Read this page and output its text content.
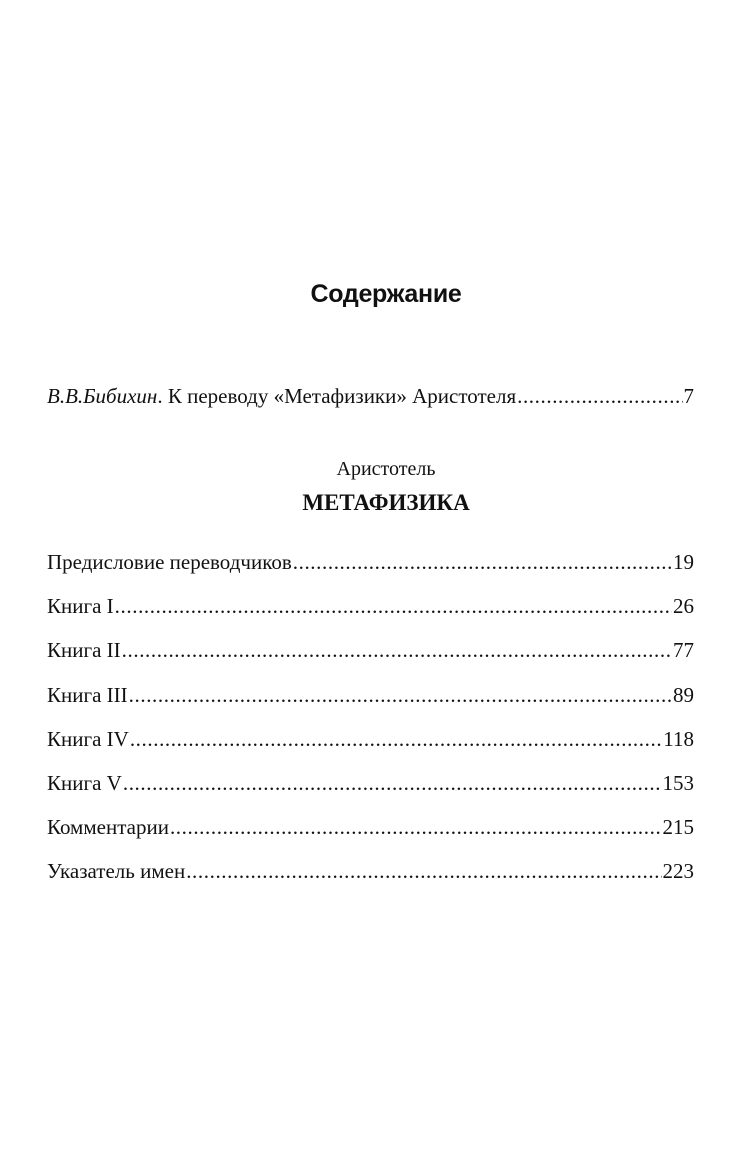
Содержание
В.В.Бибихин. К переводу «Метафизики» Аристотеля .....	7
Аристотель
МЕТАФИЗИКА
Предисловие переводчиков .....	19
Книга I .....	26
Книга II .....	77
Книга III .....	89
Книга IV .....	118
Книга V .....	153
Комментарии .....	215
Указатель имен .....	223
